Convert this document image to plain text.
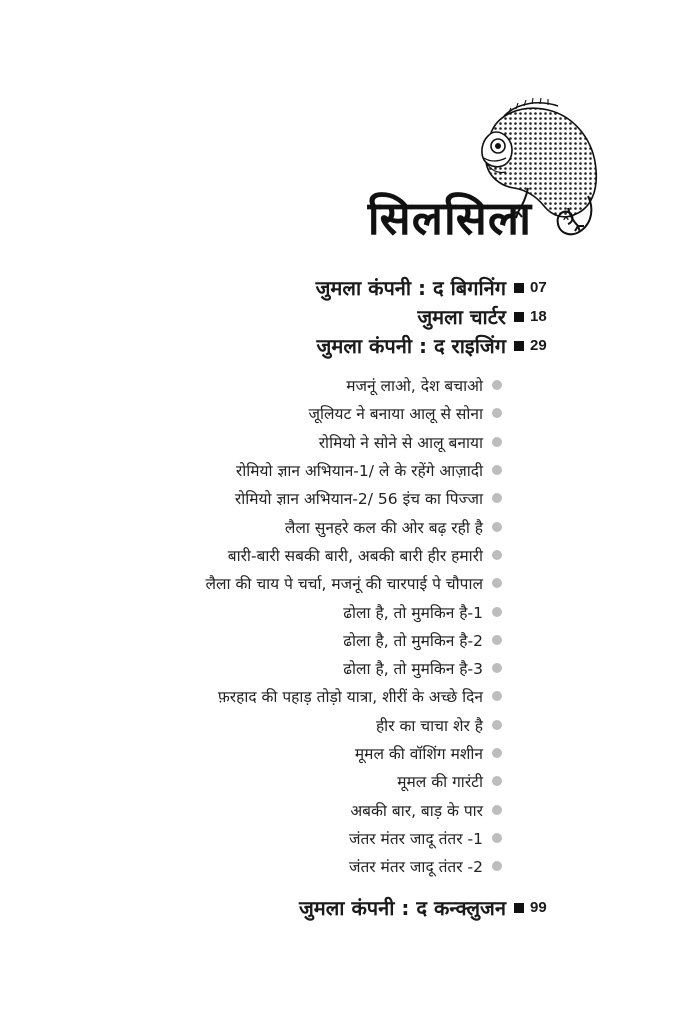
सिलसिला
जुमला कंपनी : द बिगनिंग 07
जुमला चार्टर 18
जुमला कंपनी : द राइजिंग 29
मजनूं लाओ, देश बचाओ
जूलियट ने बनाया आलू से सोना
रोमियो ने सोने से आलू बनाया
रोमियो ज्ञान अभियान-1/ ले के रहेंगे आज़ादी
रोमियो ज्ञान अभियान-2/ 56 इंच का पिज्जा
लैला सुनहरे कल की ओर बढ़ रही है
बारी-बारी सबकी बारी, अबकी बारी हीर हमारी
लैला की चाय पे चर्चा, मजनूं की चारपाई पे चौपाल
ढोला है, तो मुमकिन है-1
ढोला है, तो मुमकिन है-2
ढोला है, तो मुमकिन है-3
फ़रहाद की पहाड़ तोड़ो यात्रा, शीरीं के अच्छे दिन
हीर का चाचा शेर है
मूमल की वॉशिंग मशीन
मूमल की गारंटी
अबकी बार, बाड़ के पार
जंतर मंतर जादू तंतर -1
जंतर मंतर जादू तंतर -2
जुमला कंपनी : द कन्क्लुजन 99
